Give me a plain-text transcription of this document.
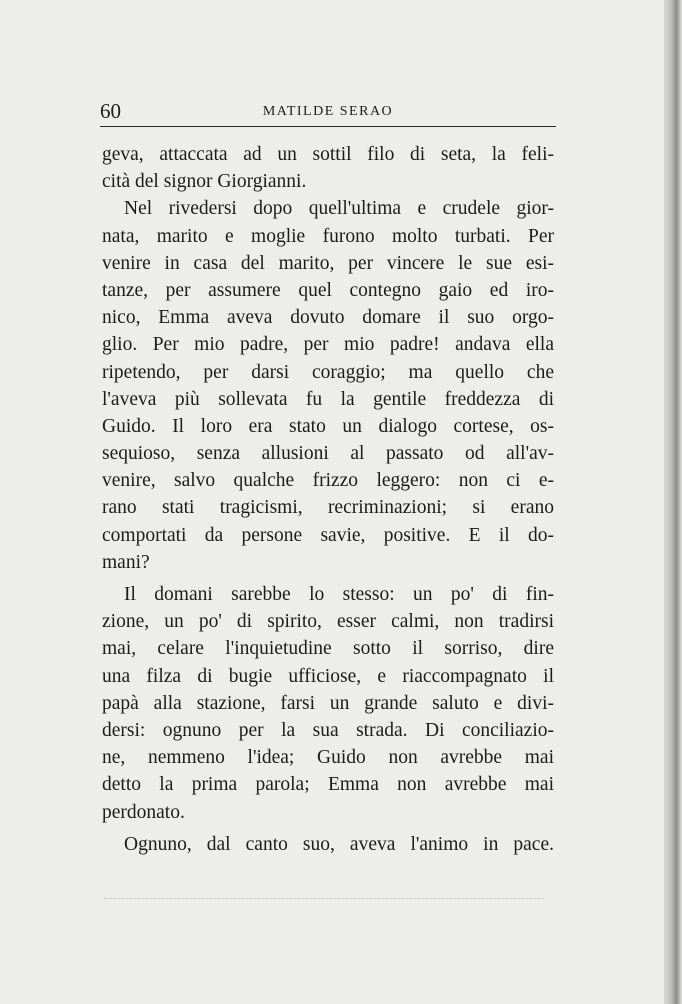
60	MATILDE SERAO
geva, attaccata ad un sottil filo di seta, la feli-
cità del signor Giorgianni.
Nel rivedersi dopo quell'ultima e crudele gior-
nata, marito e moglie furono molto turbati. Per
venire in casa del marito, per vincere le sue esi-
tanze, per assumere quel contegno gaio ed iro-
nico, Emma aveva dovuto domare il suo orgo-
glio. Per mio padre, per mio padre! andava ella
ripetendo, per darsi coraggio; ma quello che
l'aveva più sollevata fu la gentile freddezza di
Guido. Il loro era stato un dialogo cortese, os-
sequioso, senza allusioni al passato od all'av-
venire, salvo qualche frizzo leggero: non ci e-
rano stati tragicismi, recriminazioni; si erano
comportati da persone savie, positive. E il do-
mani?
Il domani sarebbe lo stesso: un po' di fin-
zione, un po' di spirito, esser calmi, non tradirsi
mai, celare l'inquietudine sotto il sorriso, dire
una filza di bugie ufficiose, e riaccompagnato il
papà alla stazione, farsi un grande saluto e divi-
dersi: ognuno per la sua strada. Di conciliazio-
ne, nemmeno l'idea; Guido non avrebbe mai
detto la prima parola; Emma non avrebbe mai
perdonato.
Ognuno, dal canto suo, aveva l'animo in pace.
